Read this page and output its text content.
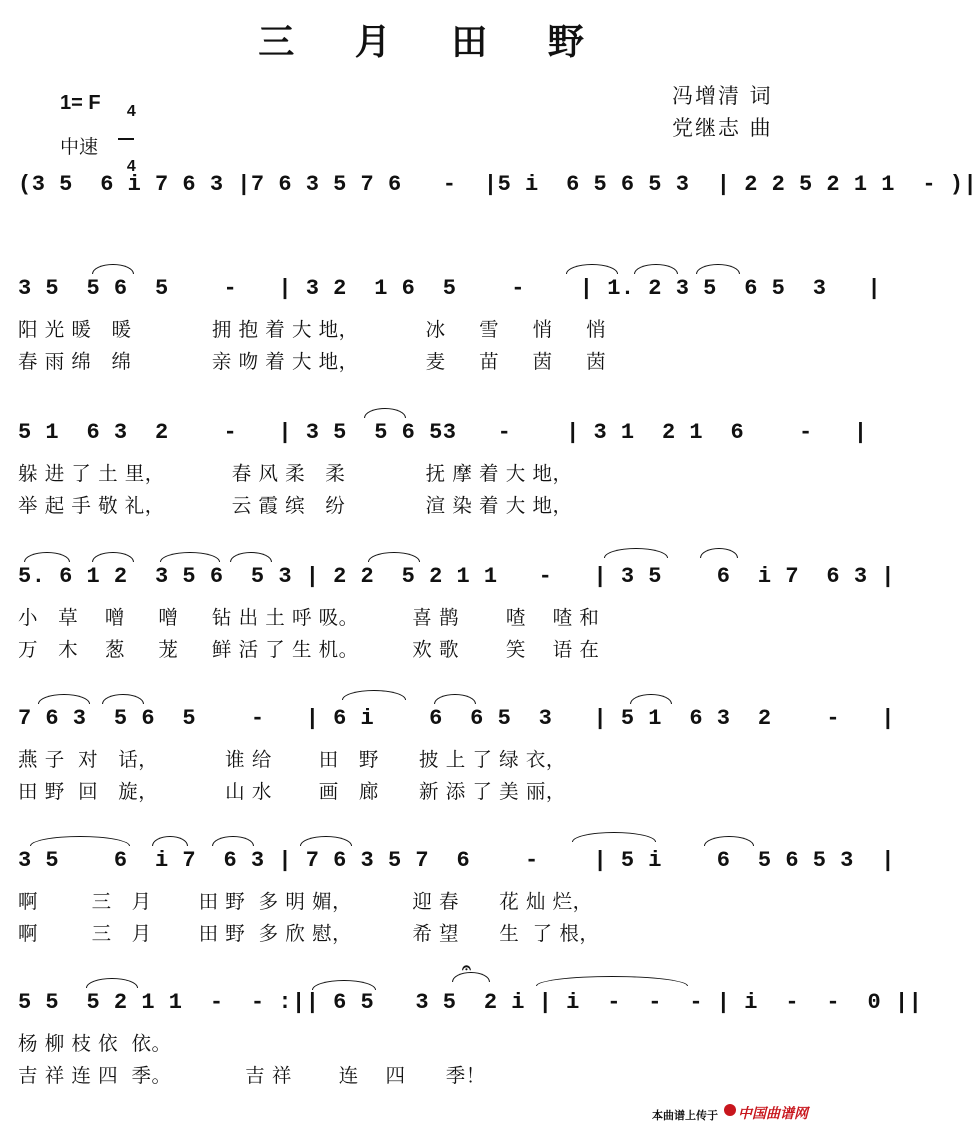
三 月 田 野
1= F	4

4

中速
冯增清 词
党继志 曲
(3 5  6 i 7 6 3 |7 6 3 5 7 6   -  |5 i  6 5 6 5 3  | 2 2 5 2 1 1  - )|
3 5  5 6  5    -   | 3 2  1 6  5    -    | 1. 2 3 5  6 5  3   |
阳 光 暖   暖            拥 抱 着 大 地，          冰     雪     悄     悄
春 雨 绵   绵            亲 吻 着 大 地，          麦     苗     茵     茵
5 1  6 3  2    -   | 3 5  5 6 53   -    | 3 1  2 1  6    -   |
躲 进 了 土 里，          春 风 柔   柔            抚 摩 着 大 地，
举 起 手 敬 礼，          云 霞 缤   纷            渲 染 着 大 地，
5. 6 1 2  3 5 6  5 3 | 2 2  5 2 1 1   -   | 3 5    6  i 7  6 3 |
小   草    噌     噌     钻 出 土 呼 吸。        喜 鹊       喳    喳 和
万   木    葱     茏     鲜 活 了 生 机。        欢 歌       笑    语 在
7 6 3  5 6  5    -   | 6 i    6  6 5  3   | 5 1  6 3  2    -   |
燕 子  对   话，          谁 给       田   野      披 上 了 绿 衣，
田 野  回   旋，          山 水       画   廊      新 添 了 美 丽，
3 5    6  i 7  6 3 | 7 6 3 5 7  6    -    | 5 i    6  5 6 5 3  |
啊        三   月       田 野  多 明 媚，         迎 春      花 灿 烂，
啊        三   月       田 野  多 欣 慰，         希 望      生  了 根，
𝄐
5 5  5 2 1 1  -  - :|| 6 5   3 5  2 i | i  -  -  - | i  -  -  0 ||
杨 柳 枝 依  依。
吉 祥 连 四  季。           吉 祥       连    四      季！
本曲谱上传于 中国曲谱网
